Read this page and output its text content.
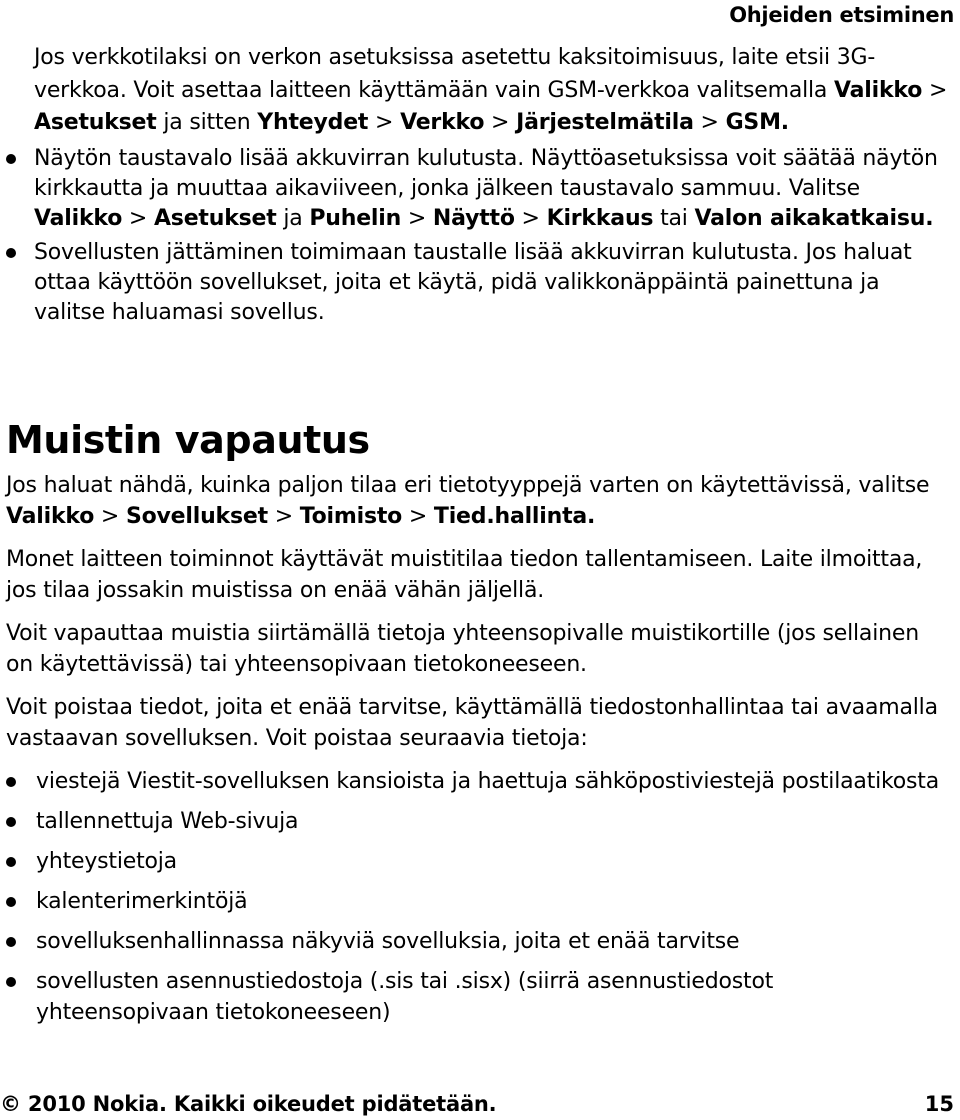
Ohjeiden etsiminen

Jos verkkotilaksi on verkon asetuksissa asetettu kaksitoimisuus, laite etsii 3G-verkkoa. Voit asettaa laitteen käyttämään vain GSM-verkkoa valitsemalla Valikko > Asetukset ja sitten Yhteydet > Verkko > Järjestelmätila > GSM.

Näytön taustavalo lisää akkuvirran kulutusta. Näyttöasetuksissa voit säätää näytön kirkkautta ja muuttaa aikaviiveen, jonka jälkeen taustavalo sammuu. Valitse Valikko > Asetukset ja Puhelin > Näyttö > Kirkkaus tai Valon aikakatkaisu.
Sovellusten jättäminen toimimaan taustalle lisää akkuvirran kulutusta. Jos haluat ottaa käyttöön sovellukset, joita et käytä, pidä valikkonäppäintä painettuna ja valitse haluamasi sovellus.
Muistin vapautus

Jos haluat nähdä, kuinka paljon tilaa eri tietotyyppejä varten on käytettävissä, valitse Valikko > Sovellukset > Toimisto > Tied.hallinta.

Monet laitteen toiminnot käyttävät muistitilaa tiedon tallentamiseen. Laite ilmoittaa, jos tilaa jossakin muistissa on enää vähän jäljellä.

Voit vapauttaa muistia siirtämällä tietoja yhteensopivalle muistikortille (jos sellainen on käytettävissä) tai yhteensopivaan tietokoneeseen.

Voit poistaa tiedot, joita et enää tarvitse, käyttämällä tiedostonhallintaa tai avaamalla vastaavan sovelluksen. Voit poistaa seuraavia tietoja:

viestejä Viestit-sovelluksen kansioista ja haettuja sähköpostiviestejä postilaatikosta
tallennettuja Web-sivuja
yhteystietoja
kalenterimerkintöjä
sovelluksenhallinnassa näkyviä sovelluksia, joita et enää tarvitse
sovellusten asennustiedostoja (.sis tai .sisx) (siirrä asennustiedostot yhteensopivaan tietokoneeseen)
© 2010 Nokia. Kaikki oikeudet pidätetään.	15
